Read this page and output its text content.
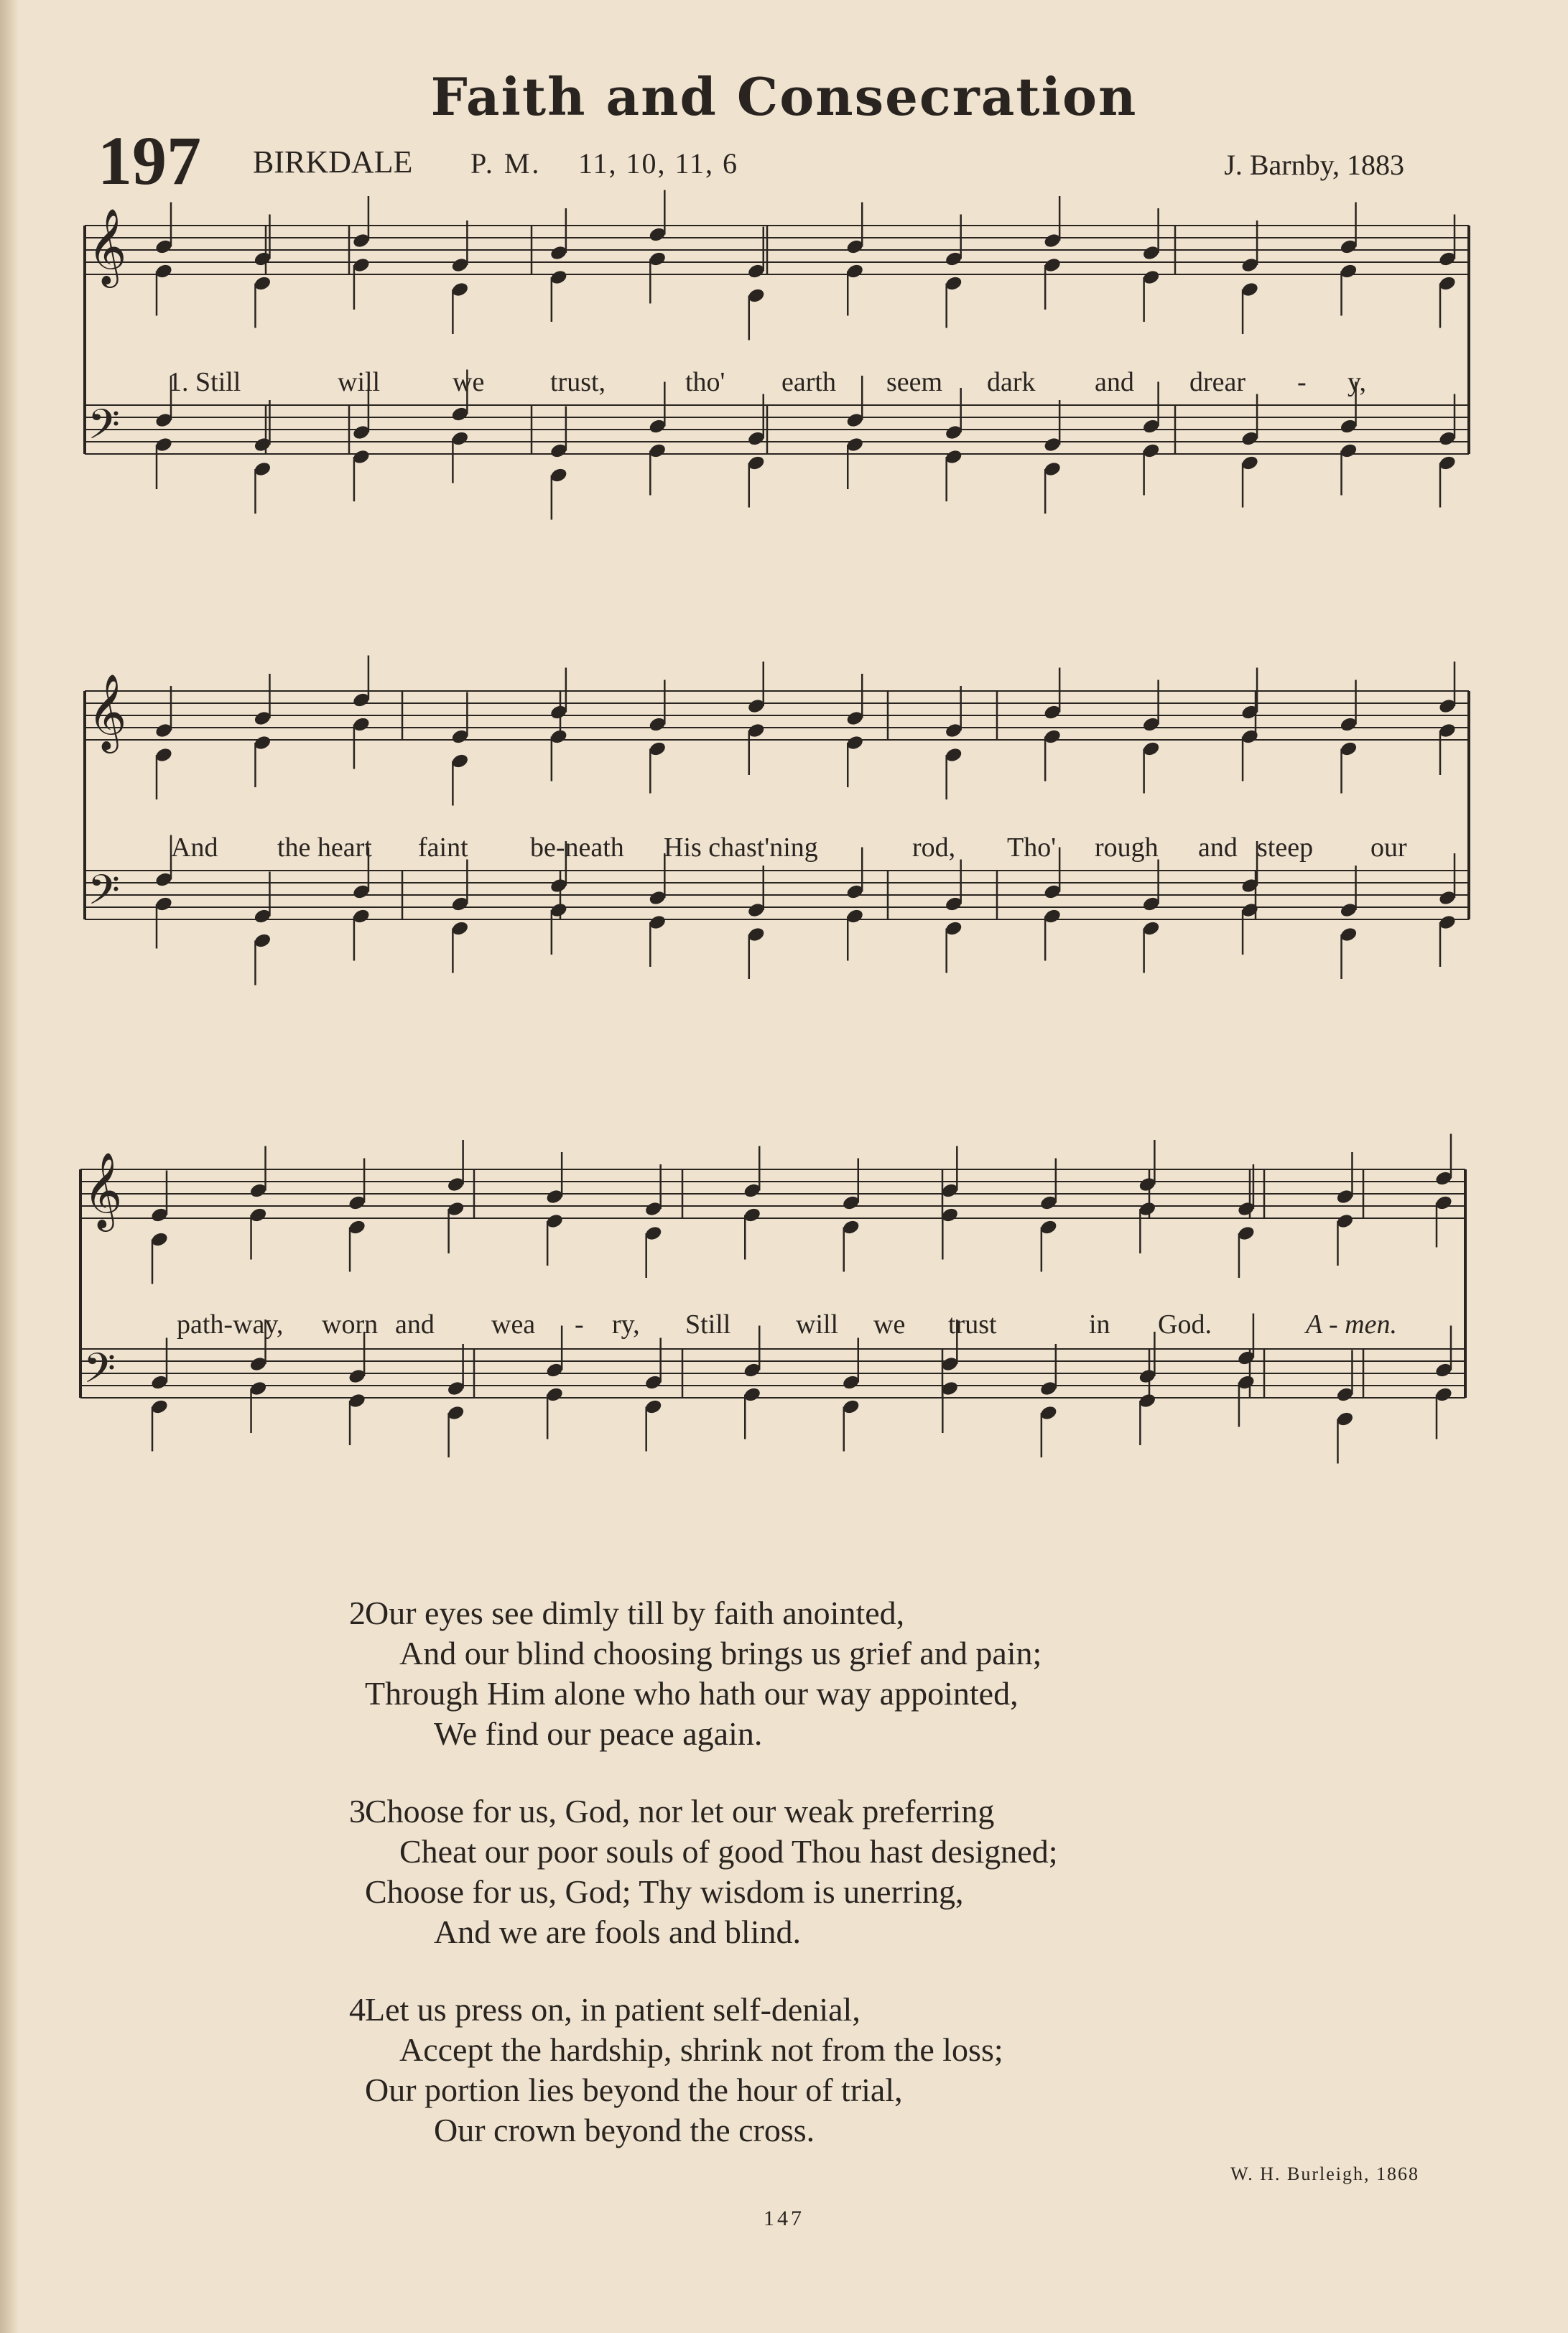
Faith and Consecration
197 BIRKDALE P. M. 11, 10, 11, 6	J. Barnby, 1883
𝄞
𝄢
𝄞
𝄢
𝄞
𝄢
1. Still	will	we trust,	tho' earth seem dark and drear - y,
And the heart faint be-neath His chast'ning	rod, Tho' rough and steep our
path-way, worn and wea - ry, Still will we trust	in God.	A - men.
2Our eyes see dimly till by faith anointed,
And our blind choosing brings us grief and pain;
Through Him alone who hath our way appointed,
We find our peace again.
3Choose for us, God, nor let our weak preferring
Cheat our poor souls of good Thou hast designed;
Choose for us, God; Thy wisdom is unerring,
And we are fools and blind.
4Let us press on, in patient self-denial,
Accept the hardship, shrink not from the loss;
Our portion lies beyond the hour of trial,
Our crown beyond the cross.
W. H. Burleigh, 1868
147
